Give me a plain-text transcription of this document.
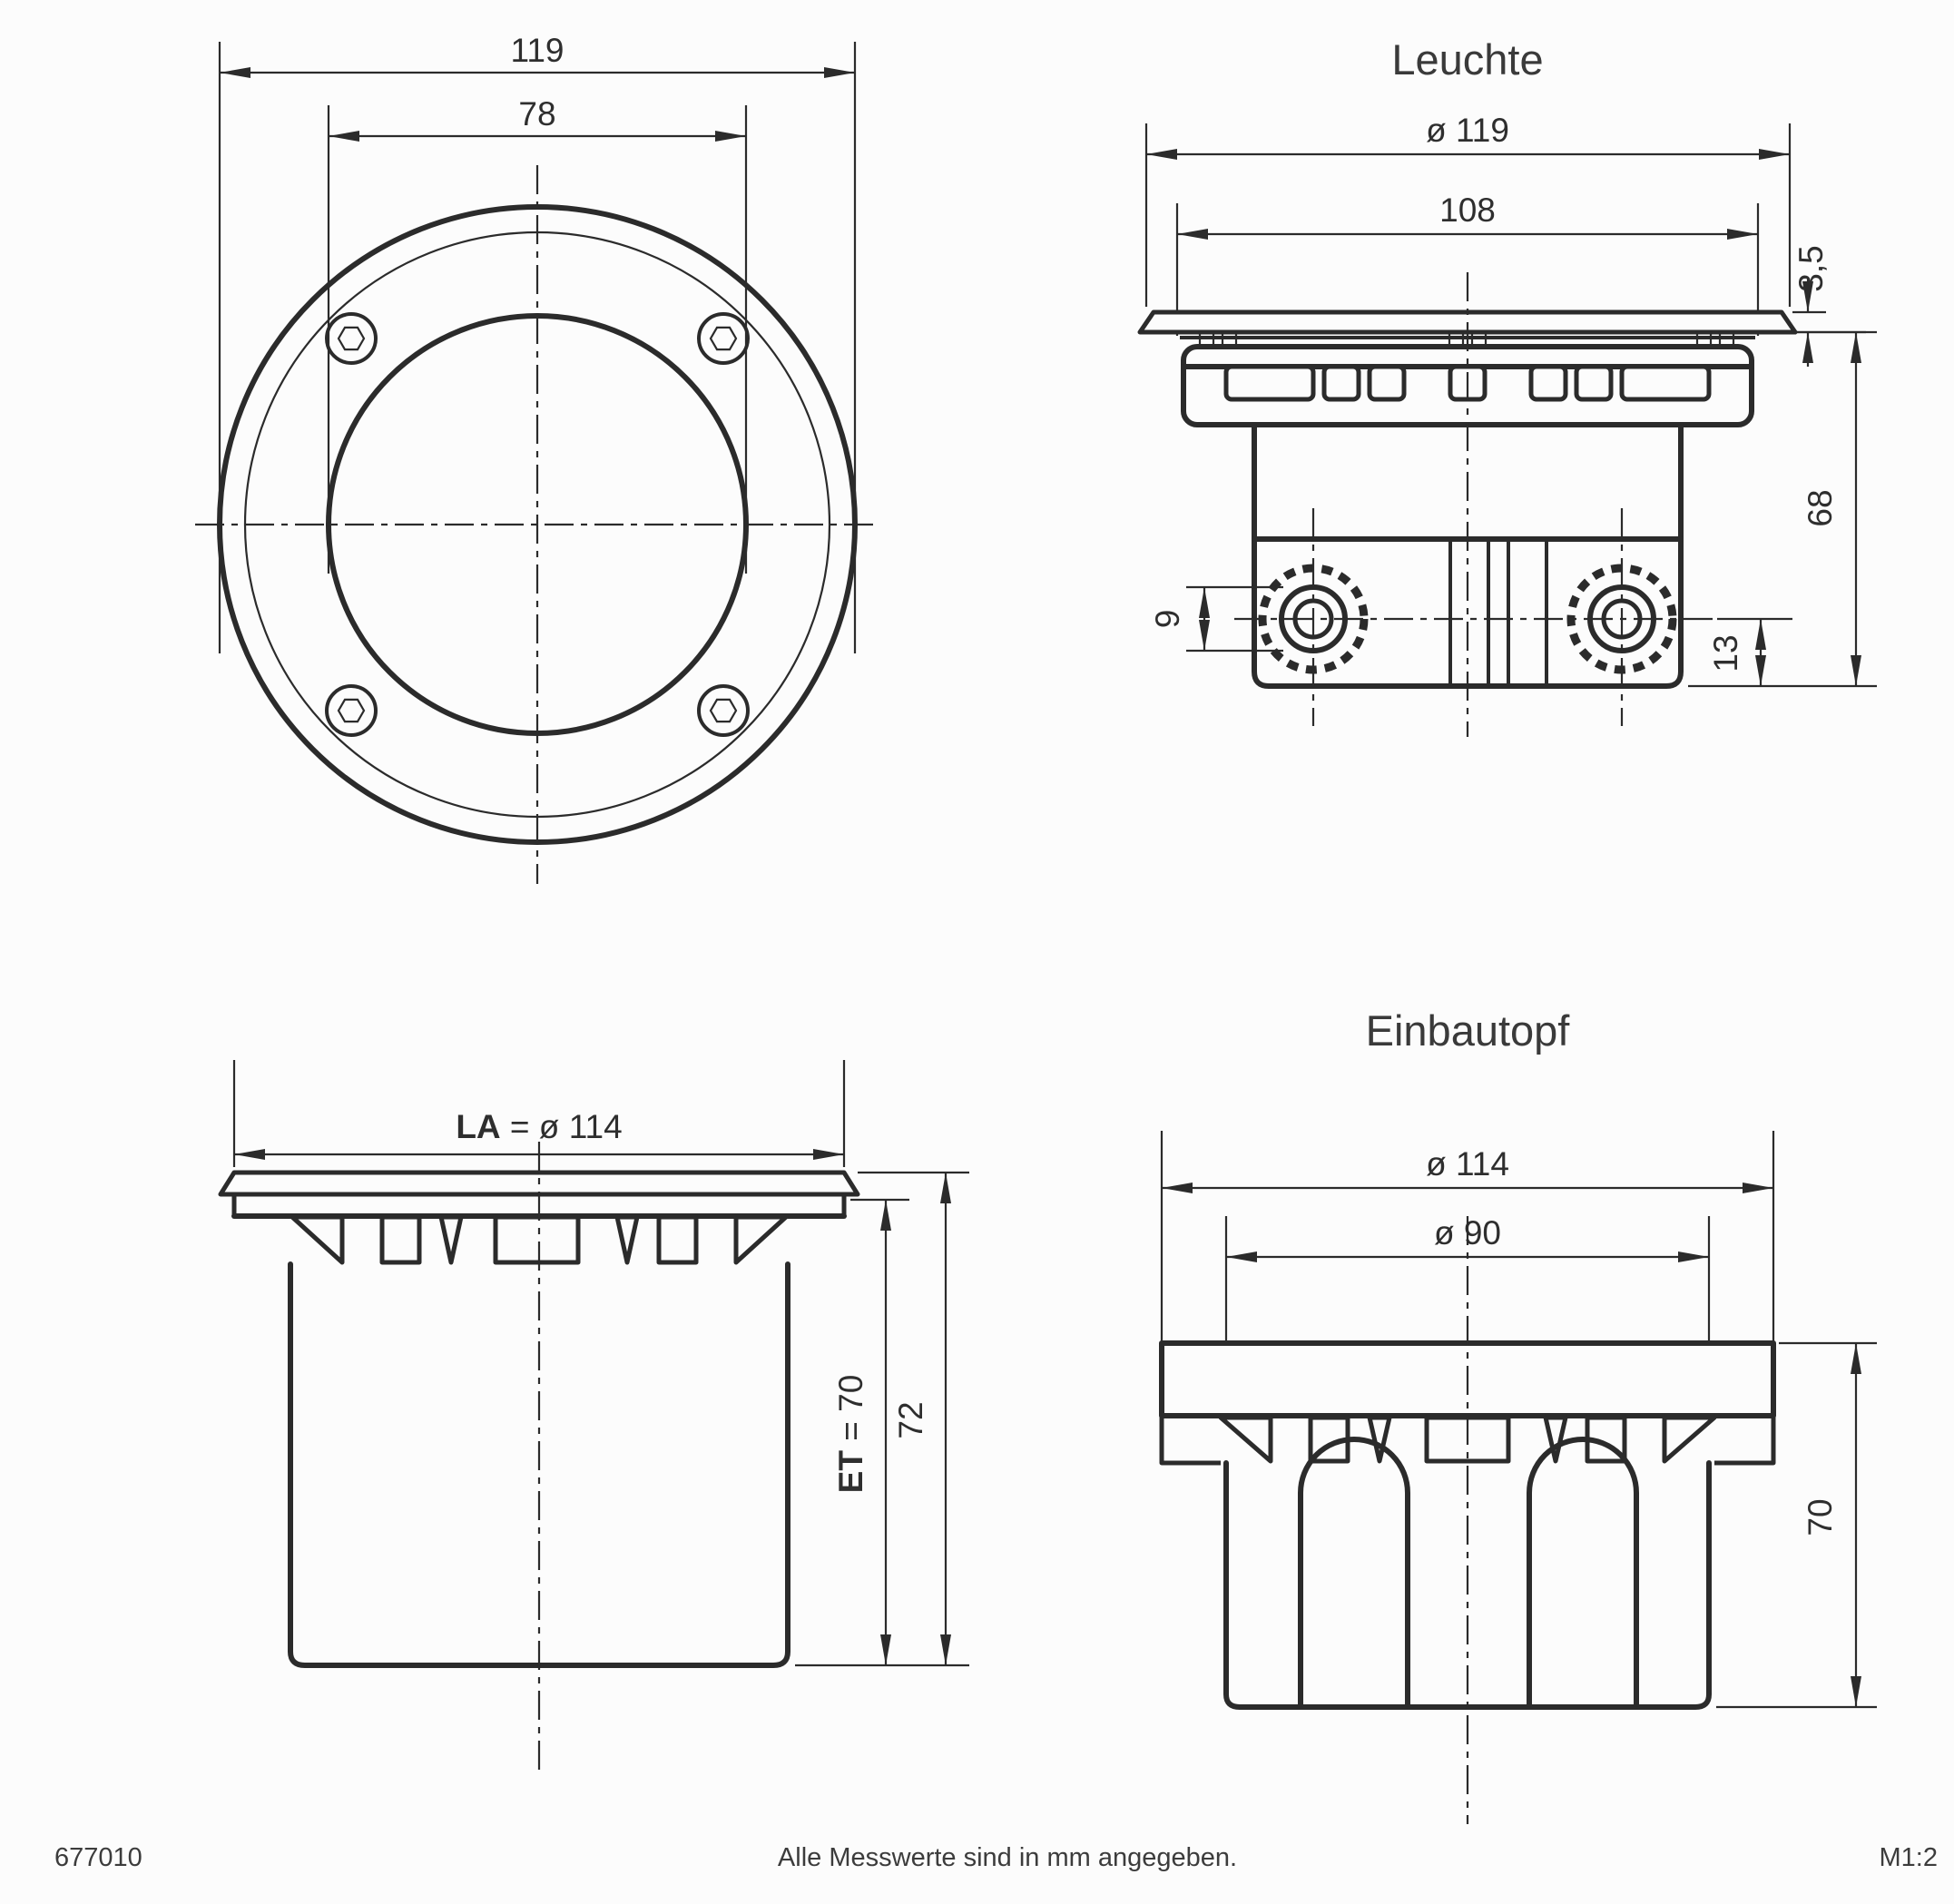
119
78
Leuchte
ø 119
108
3,5
68
13
9
LA = ø 114
ET = 70 72
Einbautopf
ø 114
ø 90
70
677010	Alle Messwerte sind in mm angegeben.	M1:2
